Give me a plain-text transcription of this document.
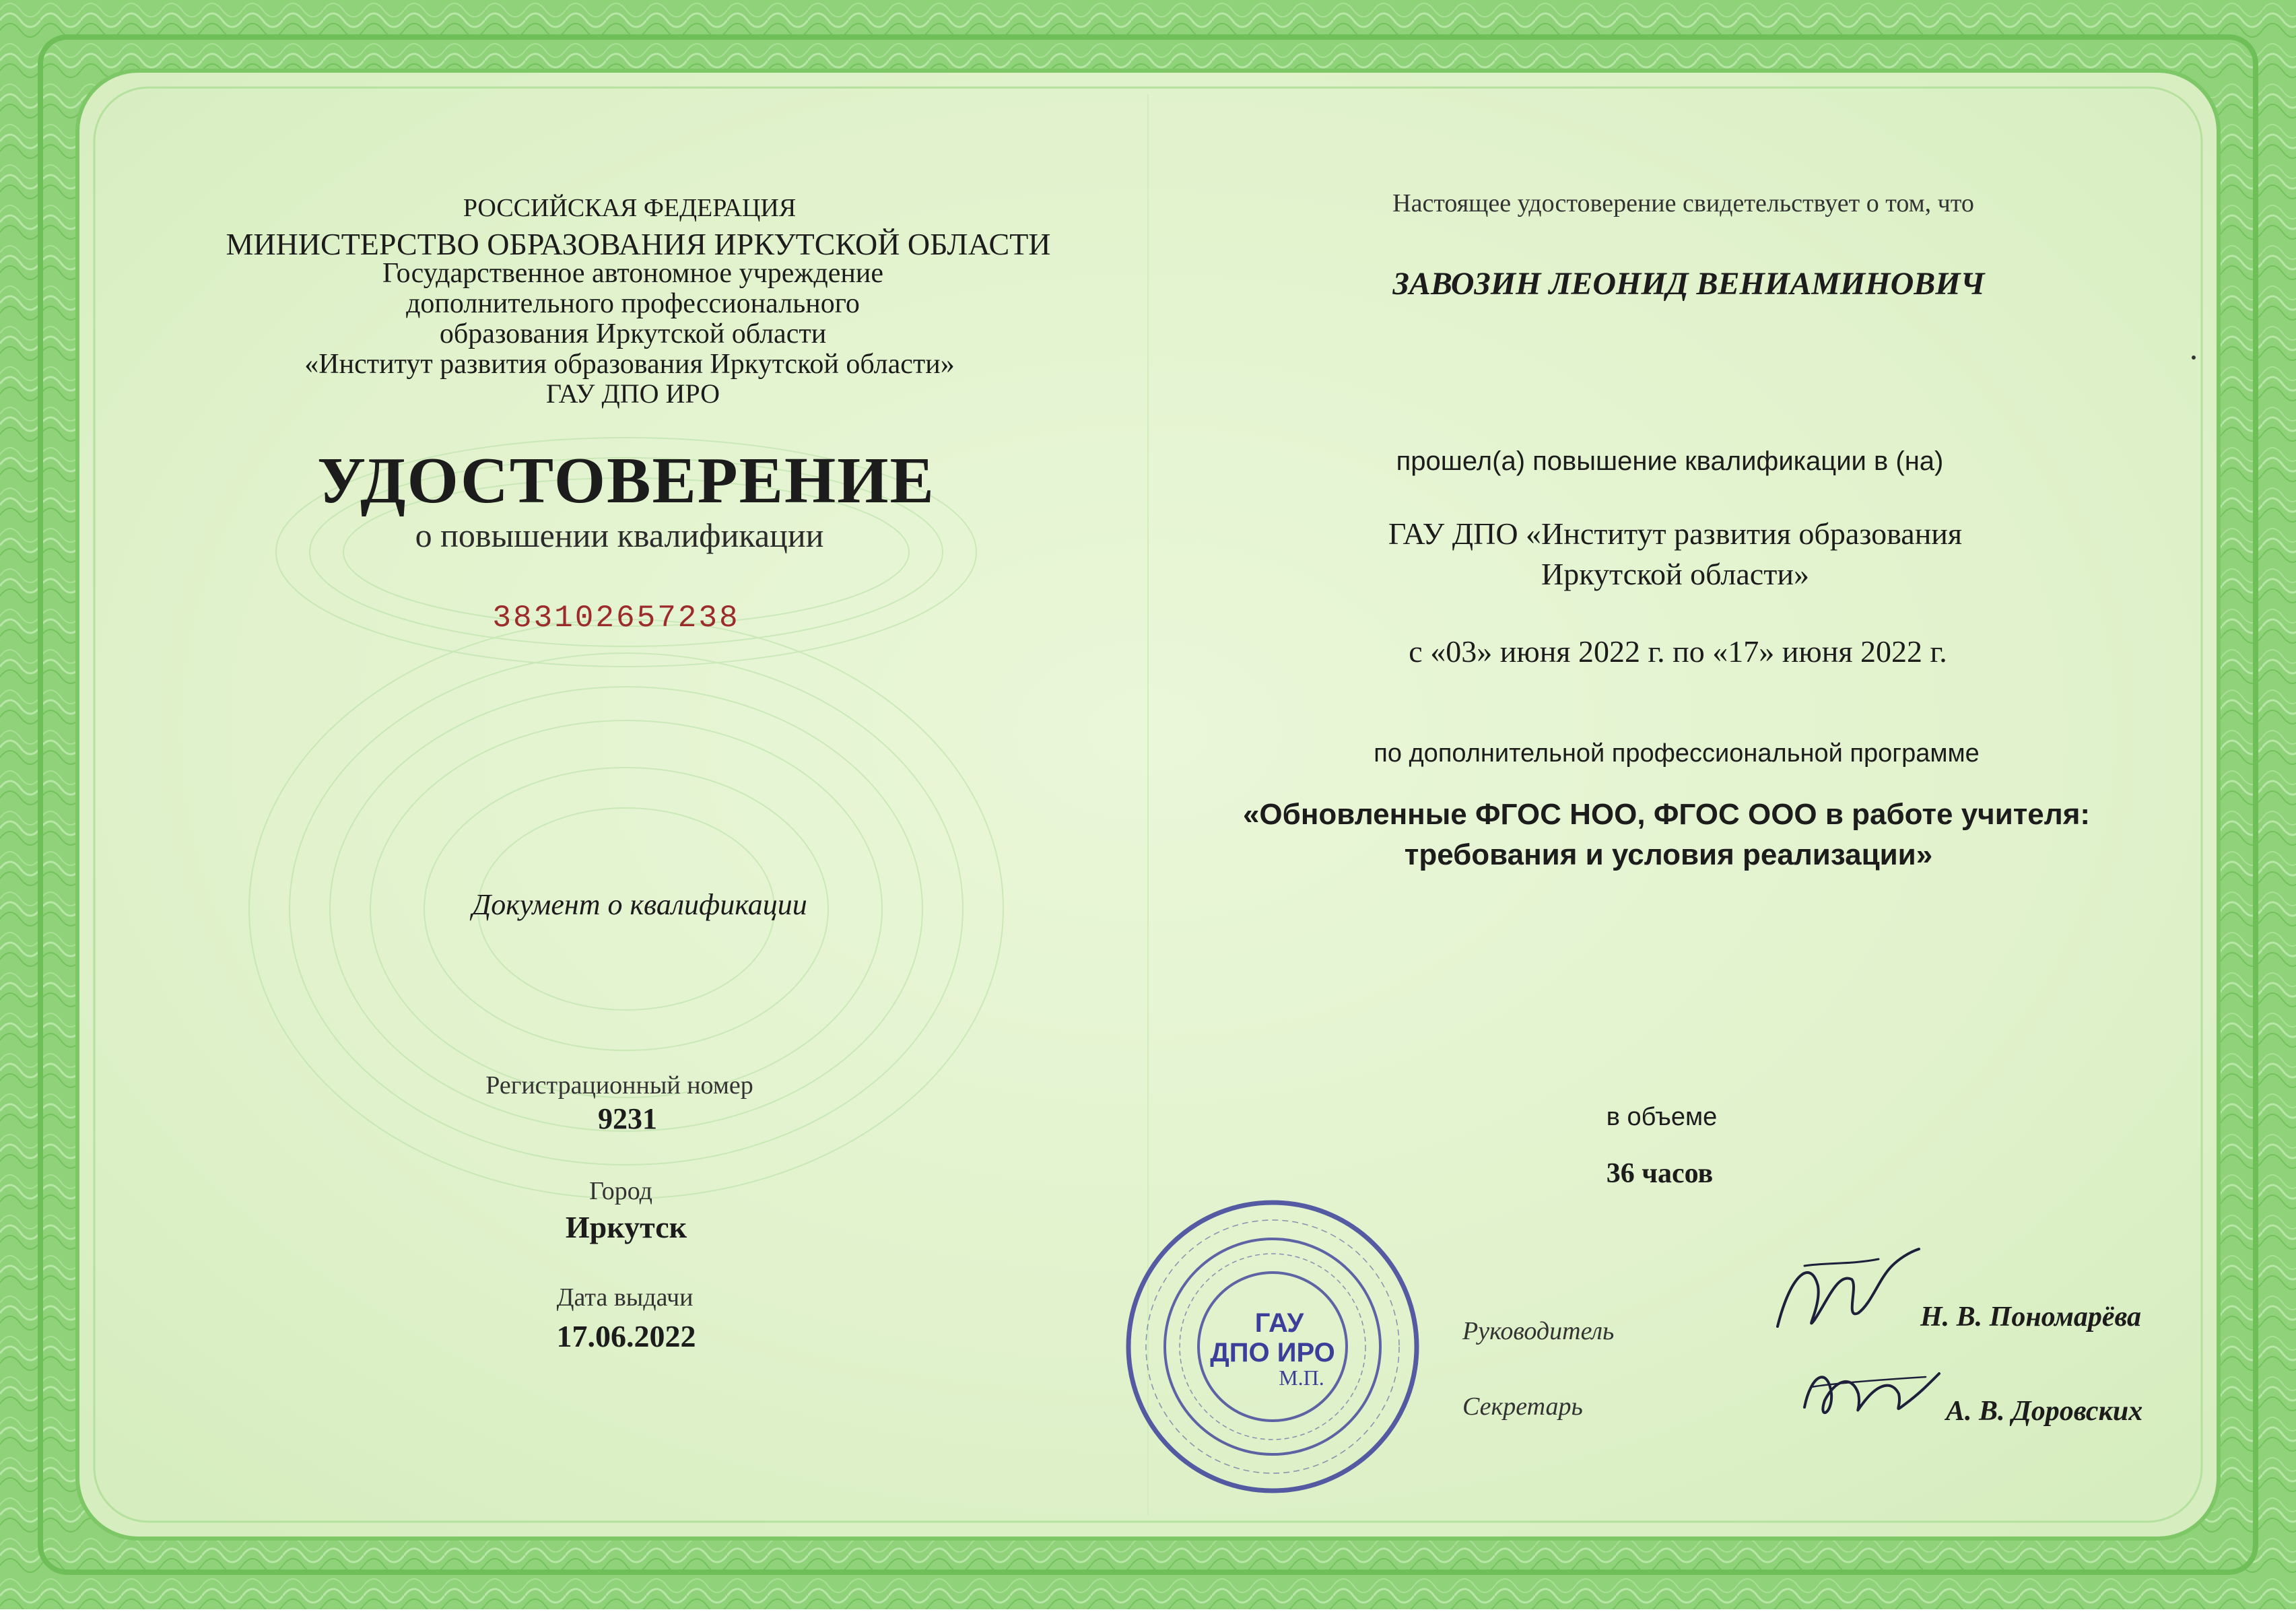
РОССИЙСКАЯ ФЕДЕРАЦИЯ

МИНИСТЕРСТВО ОБРАЗОВАНИЯ ИРКУТСКОЙ ОБЛАСТИ

Государственное автономное учреждение

дополнительного профессионального

образования Иркутской области

«Институт развития образования Иркутской области»

ГАУ ДПО ИРО

УДОСТОВЕРЕНИЕ

о повышении квалификации

383102657238

Документ о квалификации

Регистрационный номер

9231

Город

Иркутск

Дата выдачи

17.06.2022

Настоящее удостоверение свидетельствует о том, что

ЗАВОЗИН ЛЕОНИД ВЕНИАМИНОВИЧ

прошел(а) повышение квалификации в (на)

ГАУ ДПО «Институт развития образования

Иркутской области»

с «03» июня 2022 г. по «17» июня 2022 г.

по дополнительной профессиональной программе

«Обновленные ФГОС НОО, ФГОС ООО в работе учителя:

требования и условия реализации»

в объеме

36 часов

Руководитель

Секретарь

Н. В. Пономарёва

А. В. Доровских

ГАУ

ДПО ИРО

М.П.
